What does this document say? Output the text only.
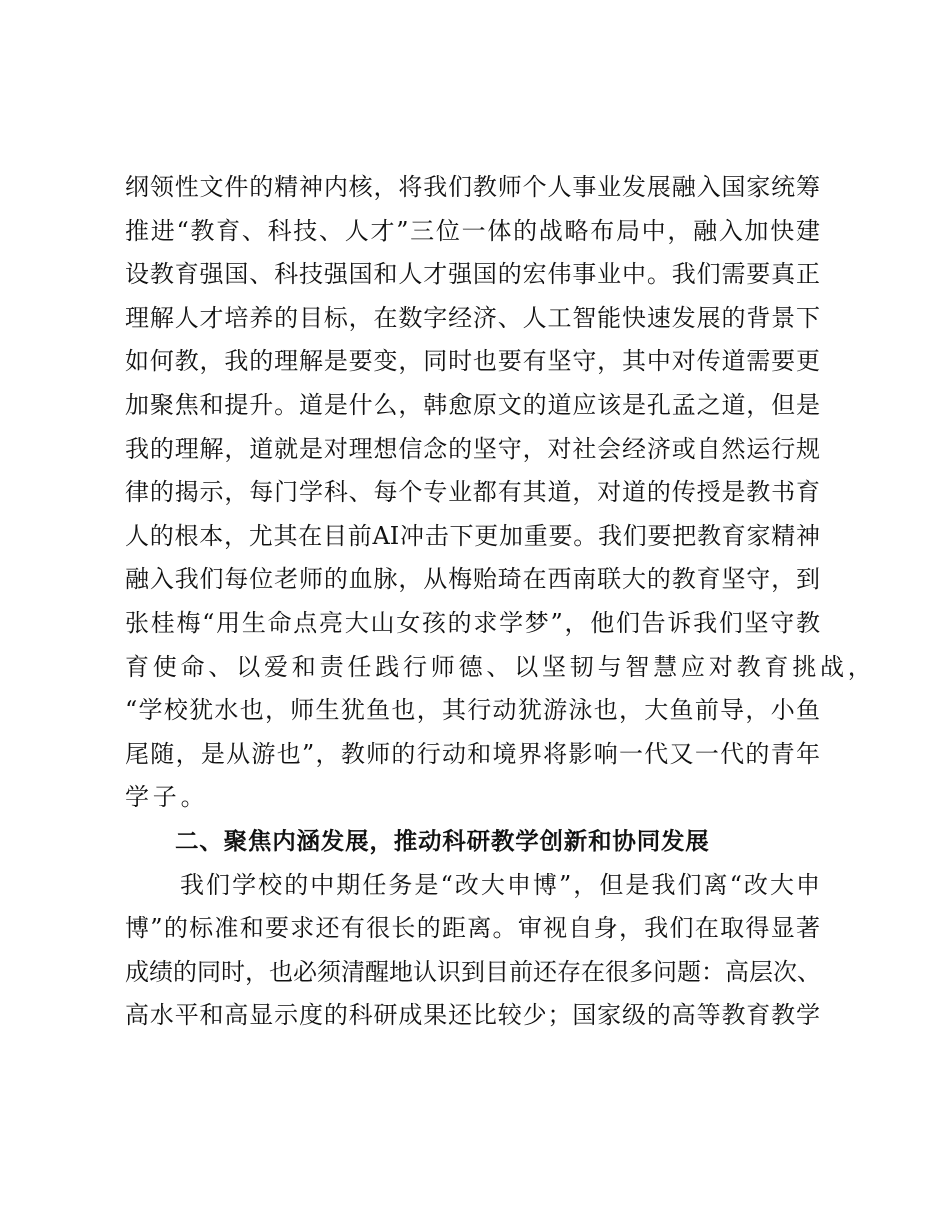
纲领性文件的精神内核，将我们教师个人事业发展融入国家统筹
推进“教育、科技、人才”三位一体的战略布局中，融入加快建
设教育强国、科技强国和人才强国的宏伟事业中。我们需要真正
理解人才培养的目标，在数字经济、人工智能快速发展的背景下
如何教，我的理解是要变，同时也要有坚守，其中对传道需要更
加聚焦和提升。道是什么，韩愈原文的道应该是孔孟之道，但是
我的理解，道就是对理想信念的坚守，对社会经济或自然运行规
律的揭示，每门学科、每个专业都有其道，对道的传授是教书育
人的根本，尤其在目前AI冲击下更加重要。我们要把教育家精神
融入我们每位老师的血脉，从梅贻琦在西南联大的教育坚守，到
张桂梅“用生命点亮大山女孩的求学梦”，他们告诉我们坚守教
育使命、以爱和责任践行师德、以坚韧与智慧应对教育挑战，
“学校犹水也，师生犹鱼也，其行动犹游泳也，大鱼前导，小鱼
尾随，是从游也”，教师的行动和境界将影响一代又一代的青年
学子。
二、聚焦内涵发展，推动科研教学创新和协同发展
我们学校的中期任务是“改大申博”，但是我们离“改大申
博”的标准和要求还有很长的距离。审视自身，我们在取得显著
成绩的同时，也必须清醒地认识到目前还存在很多问题：高层次、
高水平和高显示度的科研成果还比较少；国家级的高等教育教学
